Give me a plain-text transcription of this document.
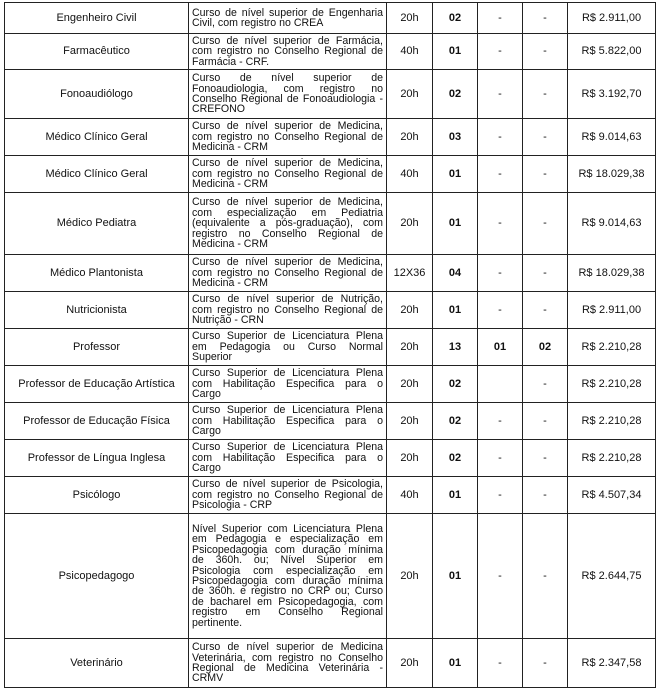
Engenheiro Civil	Curso de nível superior de Engenharia Civil, com registro no CREA	20h	02	-	-	R$ 2.911,00
Farmacêutico	Curso de nível superior de Farmácia, com registro no Conselho Regional de Farmácia - CRF.	40h	01	-	-	R$ 5.822,00
Fonoaudiólogo	Curso de nível superior de Fonoaudiologia, com registro no Conselho Regional de Fonoaudiologia - CREFONO	20h	02	-	-	R$ 3.192,70
Médico Clínico Geral	Curso de nível superior de Medicina, com registro no Conselho Regional de Medicina - CRM	20h	03	-	-	R$ 9.014,63
Médico Clínico Geral	Curso de nível superior de Medicina, com registro no Conselho Regional de Medicina - CRM	40h	01	-	-	R$ 18.029,38
Médico Pediatra	Curso de nível superior de Medicina, com especialização em Pediatria (equivalente a pós-graduação), com registro no Conselho Regional de Medicina - CRM	20h	01	-	-	R$ 9.014,63
Médico Plantonista	Curso de nível superior de Medicina, com registro no Conselho Regional de Medicina - CRM	12X36	04	-	-	R$ 18.029,38
Nutricionista	Curso de nível superior de Nutrição, com registro no Conselho Regional de Nutrição - CRN	20h	01	-	-	R$ 2.911,00
Professor	Curso Superior de Licenciatura Plena em Pedagogia ou Curso Normal Superior	20h	13	01	02	R$ 2.210,28
Professor de Educação Artística	Curso Superior de Licenciatura Plena com Habilitação Especifica para o Cargo	20h	02		-	R$ 2.210,28
Professor de Educação Física	Curso Superior de Licenciatura Plena com Habilitação Especifica para o Cargo	20h	02	-	-	R$ 2.210,28
Professor de Língua Inglesa	Curso Superior de Licenciatura Plena com Habilitação Especifica para o Cargo	20h	02	-	-	R$ 2.210,28
Psicólogo	Curso de nível superior de Psicologia, com registro no Conselho Regional de Psicologia - CRP	40h	01	-	-	R$ 4.507,34
Psicopedagogo	Nível Superior com Licenciatura Plena em Pedagogia e especialização em Psicopedagogia com duração mínima de 360h. ou; Nível Superior em Psicologia com especialização em Psicopedagogia com duração mínima de 360h. e registro no CRP ou; Curso de bacharel em Psicopedagogia, com registro em Conselho Regional pertinente.	20h	01	-	-	R$ 2.644,75
Veterinário	Curso de nível superior de Medicina Veterinária, com registro no Conselho Regional de Medicina Veterinária - CRMV	20h	01	-	-	R$ 2.347,58
